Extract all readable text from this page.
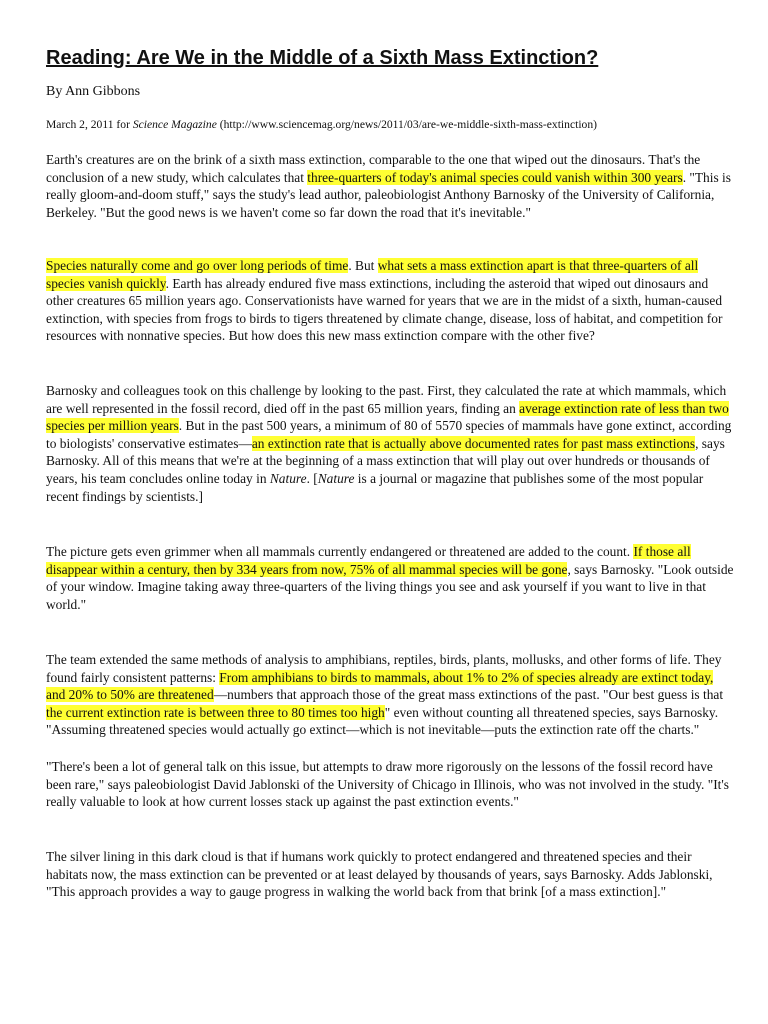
Reading: Are We in the Middle of a Sixth Mass Extinction?

By Ann Gibbons

March 2, 2011 for Science Magazine (http://www.sciencemag.org/news/2011/03/are-we-middle-sixth-mass-extinction)

Earth's creatures are on the brink of a sixth mass extinction, comparable to the one that wiped out the dinosaurs. That's the conclusion of a new study, which calculates that three-quarters of today's animal species could vanish within 300 years. "This is really gloom-and-doom stuff," says the study's lead author, paleobiologist Anthony Barnosky of the University of California, Berkeley. "But the good news is we haven't come so far down the road that it's inevitable."

Species naturally come and go over long periods of time. But what sets a mass extinction apart is that three-quarters of all species vanish quickly. Earth has already endured five mass extinctions, including the asteroid that wiped out dinosaurs and other creatures 65 million years ago. Conservationists have warned for years that we are in the midst of a sixth, human-caused extinction, with species from frogs to birds to tigers threatened by climate change, disease, loss of habitat, and competition for resources with nonnative species. But how does this new mass extinction compare with the other five?

Barnosky and colleagues took on this challenge by looking to the past. First, they calculated the rate at which mammals, which are well represented in the fossil record, died off in the past 65 million years, finding an average extinction rate of less than two species per million years. But in the past 500 years, a minimum of 80 of 5570 species of mammals have gone extinct, according to biologists' conservative estimates—an extinction rate that is actually above documented rates for past mass extinctions, says Barnosky. All of this means that we're at the beginning of a mass extinction that will play out over hundreds or thousands of years, his team concludes online today in Nature. [Nature is a journal or magazine that publishes some of the most popular recent findings by scientists.]

The picture gets even grimmer when all mammals currently endangered or threatened are added to the count. If those all disappear within a century, then by 334 years from now, 75% of all mammal species will be gone, says Barnosky. "Look outside of your window. Imagine taking away three-quarters of the living things you see and ask yourself if you want to live in that world."

The team extended the same methods of analysis to amphibians, reptiles, birds, plants, mollusks, and other forms of life. They found fairly consistent patterns: From amphibians to birds to mammals, about 1% to 2% of species already are extinct today, and 20% to 50% are threatened—numbers that approach those of the great mass extinctions of the past. "Our best guess is that the current extinction rate is between three to 80 times too high" even without counting all threatened species, says Barnosky. "Assuming threatened species would actually go extinct—which is not inevitable—puts the extinction rate off the charts."

"There's been a lot of general talk on this issue, but attempts to draw more rigorously on the lessons of the fossil record have been rare," says paleobiologist David Jablonski of the University of Chicago in Illinois, who was not involved in the study. "It's really valuable to look at how current losses stack up against the past extinction events."

The silver lining in this dark cloud is that if humans work quickly to protect endangered and threatened species and their habitats now, the mass extinction can be prevented or at least delayed by thousands of years, says Barnosky. Adds Jablonski, "This approach provides a way to gauge progress in walking the world back from that brink [of a mass extinction]."
